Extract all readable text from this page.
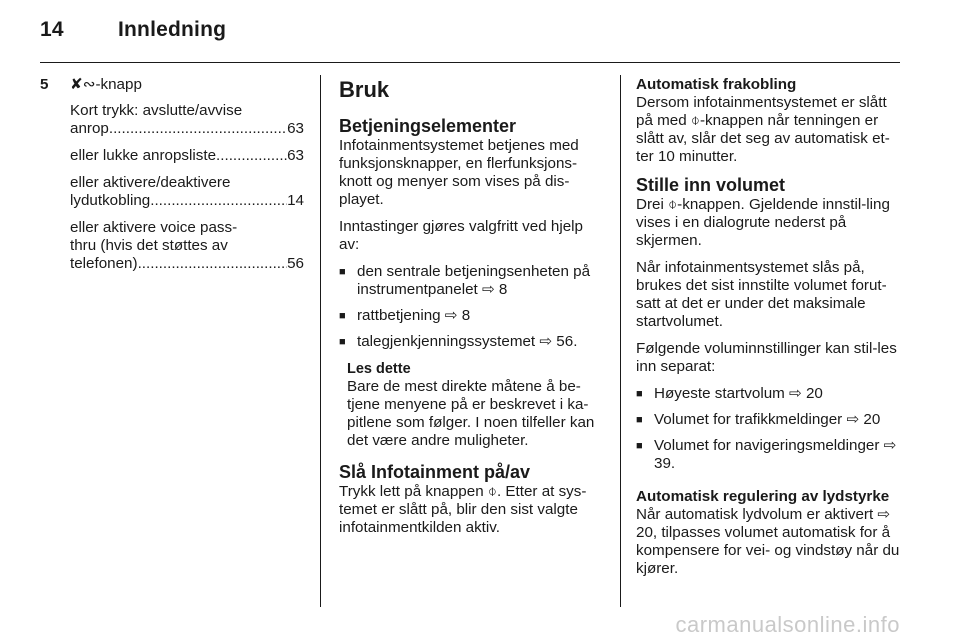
14	Innledning
5 ✘∾-knapp
Kort trykk: avslutte/avvise
anrop .....	63
eller lukke anropsliste .....	63
eller aktivere/deaktivere
lydutkobling .....	14
eller aktivere voice pass-
thru (hvis det støttes av
telefonen) .....	56
Bruk
Betjeningselementer

Infotainmentsystemet betjenes med funksjonsknapper, en flerfunksjons-knott og menyer som vises på dis-playet.

Inntastinger gjøres valgfritt ved hjelp av:

■ den sentrale betjeningsenheten på instrumentpanelet ⇨ 8
■ rattbetjening ⇨ 8
■ talegjenkjenningssystemet ⇨ 56.
Les dette
Bare de mest direkte måtene å be-tjene menyene på er beskrevet i ka-pitlene som følger. I noen tilfeller kan det være andre muligheter.
Slå Infotainment på/av

Trykk lett på knappen ⌽. Etter at sys-temet er slått på, blir den sist valgte infotainmentkilden aktiv.

Automatisk frakobling

Dersom infotainmentsystemet er slått på med ⌽-knappen når tenningen er slått av, slår det seg av automatisk et-ter 10 minutter.

Stille inn volumet

Drei ⌽-knappen. Gjeldende innstil-ling vises i en dialogrute nederst på skjermen.

Når infotainmentsystemet slås på, brukes det sist innstilte volumet forut-satt at det er under det maksimale startvolumet.

Følgende voluminnstillinger kan stil-les inn separat:

■ Høyeste startvolum ⇨ 20
■ Volumet for trafikkmeldinger ⇨ 20
■ Volumet for navigeringsmeldinger ⇨ 39.
Automatisk regulering av lydstyrke

Når automatisk lydvolum er aktivert ⇨ 20, tilpasses volumet automatisk for å kompensere for vei- og vindstøy når du kjører.

carmanualsonline.info
